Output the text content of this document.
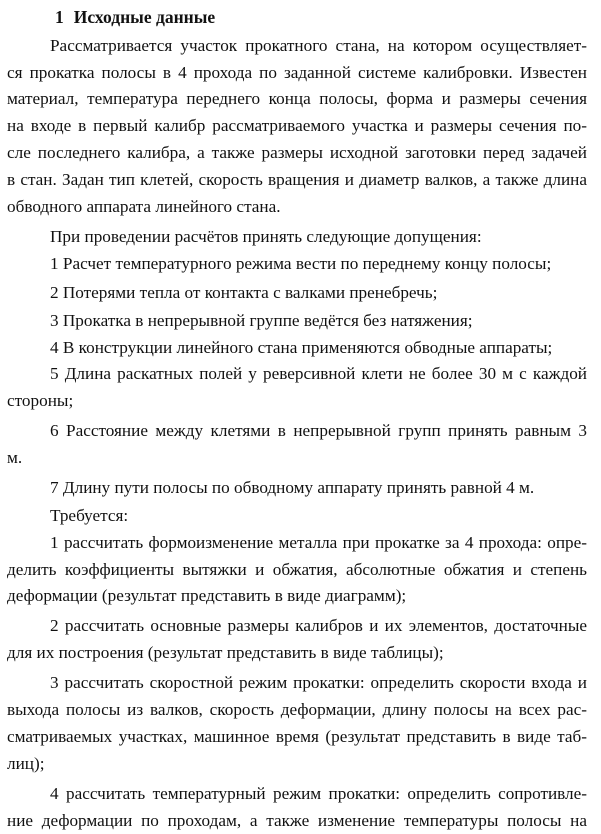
1 Исходные данные
Рассматривается участок прокатного стана, на котором осуществляет-
ся прокатка полосы в 4 прохода по заданной системе калибровки. Известен
материал, температура переднего конца полосы, форма и размеры сечения
на входе в первый калибр рассматриваемого участка и размеры сечения по-
сле последнего калибра, а также размеры исходной заготовки перед задачей
в стан. Задан тип клетей, скорость вращения и диаметр валков, а также длина
обводного аппарата линейного стана.
При проведении расчётов принять следующие допущения:
1 Расчет температурного режима вести по переднему концу полосы;
2 Потерями тепла от контакта с валками пренебречь;
3 Прокатка в непрерывной группе ведётся без натяжения;
4 В конструкции линейного стана применяются обводные аппараты;
5 Длина раскатных полей у реверсивной клети не более 30 м с каждой
стороны;
6 Расстояние между клетями в непрерывной групп принять равным 3
м.
7 Длину пути полосы по обводному аппарату принять равной 4 м.
Требуется:
1 рассчитать формоизменение металла при прокатке за 4 прохода: опре-
делить коэффициенты вытяжки и обжатия, абсолютные обжатия и степень
деформации (результат представить в виде диаграмм);
2 рассчитать основные размеры калибров и их элементов, достаточные
для их построения (результат представить в виде таблицы);
3 рассчитать скоростной режим прокатки: определить скорости входа и
выхода полосы из валков, скорость деформации, длину полосы на всех рас-
сматриваемых участках, машинное время (результат представить в виде таб-
лиц);
4 рассчитать температурный режим прокатки: определить сопротивле-
ние деформации по проходам, а также изменение температуры полосы на
